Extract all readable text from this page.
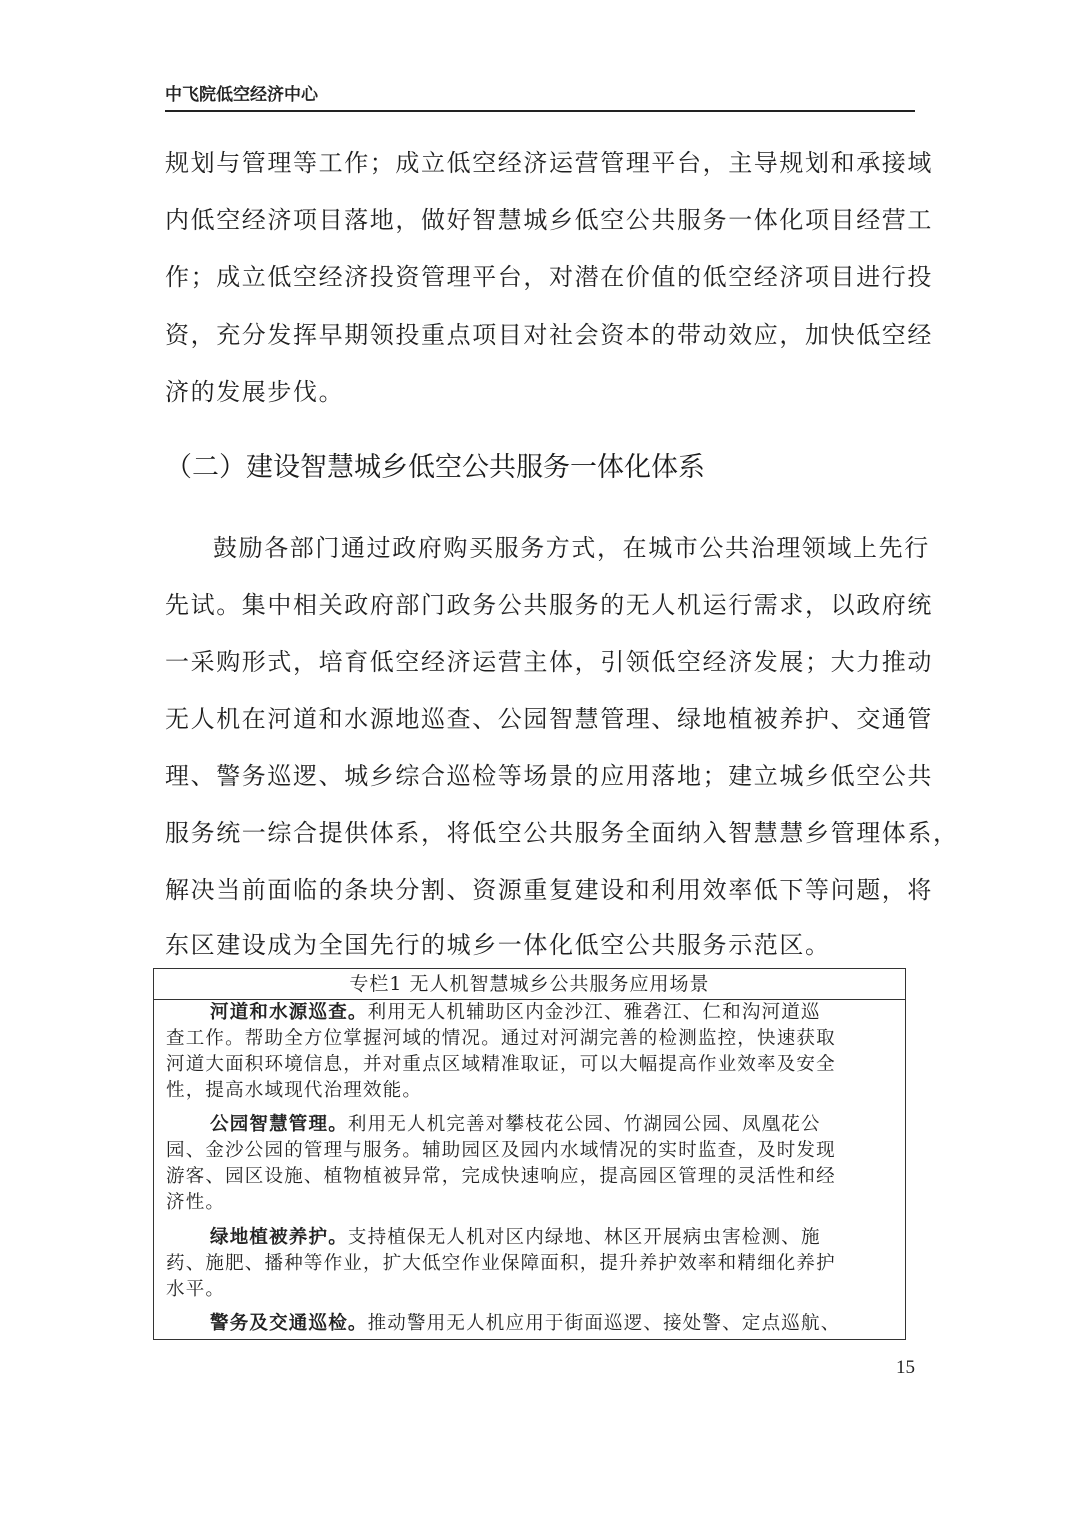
中飞院低空经济中心
规划与管理等工作；成立低空经济运营管理平台，主导规划和承接域
内低空经济项目落地，做好智慧城乡低空公共服务一体化项目经营工
作；成立低空经济投资管理平台，对潜在价值的低空经济项目进行投
资，充分发挥早期领投重点项目对社会资本的带动效应，加快低空经
济的发展步伐。
（二）建设智慧城乡低空公共服务一体化体系
鼓励各部门通过政府购买服务方式，在城市公共治理领域上先行
先试。集中相关政府部门政务公共服务的无人机运行需求，以政府统
一采购形式，培育低空经济运营主体，引领低空经济发展；大力推动
无人机在河道和水源地巡查、公园智慧管理、绿地植被养护、交通管
理、警务巡逻、城乡综合巡检等场景的应用落地；建立城乡低空公共
服务统一综合提供体系，将低空公共服务全面纳入智慧慧乡管理体系，
解决当前面临的条块分割、资源重复建设和利用效率低下等问题，将
东区建设成为全国先行的城乡一体化低空公共服务示范区。
专栏1 无人机智慧城乡公共服务应用场景
河道和水源巡查。利用无人机辅助区内金沙江、雅砻江、仁和沟河道巡
查工作。帮助全方位掌握河域的情况。通过对河湖完善的检测监控，快速获取
河道大面积环境信息，并对重点区域精准取证，可以大幅提高作业效率及安全
性，提高水域现代治理效能。
公园智慧管理。利用无人机完善对攀枝花公园、竹湖园公园、凤凰花公
园、金沙公园的管理与服务。辅助园区及园内水域情况的实时监查，及时发现
游客、园区设施、植物植被异常，完成快速响应，提高园区管理的灵活性和经
济性。
绿地植被养护。支持植保无人机对区内绿地、林区开展病虫害检测、施
药、施肥、播种等作业，扩大低空作业保障面积，提升养护效率和精细化养护
水平。
警务及交通巡检。推动警用无人机应用于街面巡逻、接处警、定点巡航、
15
